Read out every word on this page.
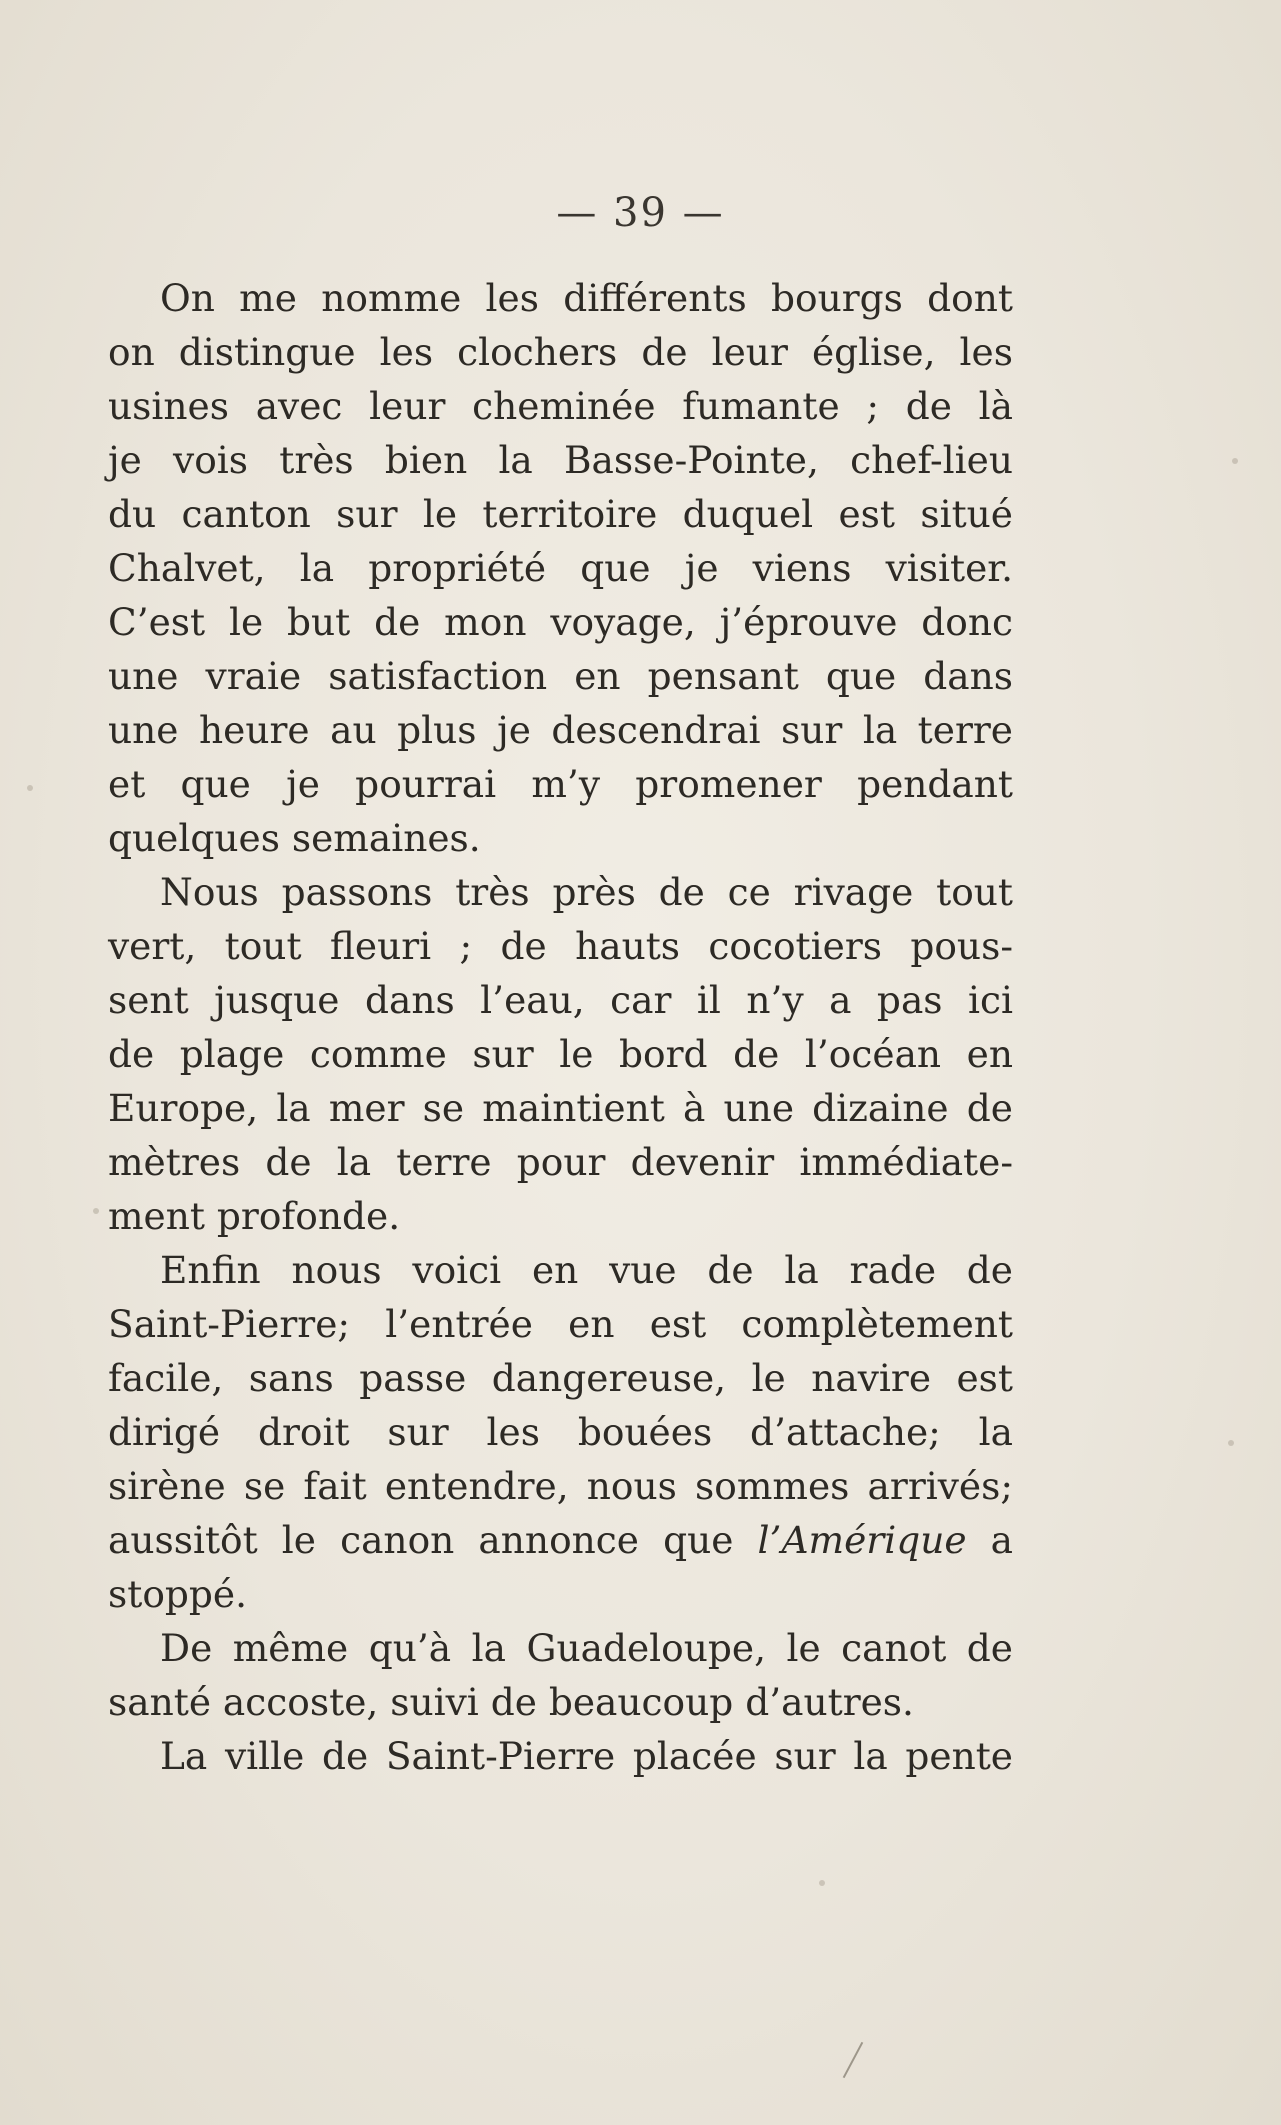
— 39 —
On me nomme les différents bourgs dont
on distingue les clochers de leur église, les
usines avec leur cheminée fumante ; de là
je vois très bien la Basse-Pointe, chef-lieu
du canton sur le territoire duquel est situé
Chalvet, la propriété que je viens visiter.
C’est le but de mon voyage, j’éprouve donc
une vraie satisfaction en pensant que dans
une heure au plus je descendrai sur la terre
et que je pourrai m’y promener pendant
quelques semaines.
Nous passons très près de ce rivage tout
vert, tout fleuri ; de hauts cocotiers pous-
sent jusque dans l’eau, car il n’y a pas ici
de plage comme sur le bord de l’océan en
Europe, la mer se maintient à une dizaine de
mètres de la terre pour devenir immédiate-
ment profonde.
Enfin nous voici en vue de la rade de
Saint-Pierre; l’entrée en est complètement
facile, sans passe dangereuse, le navire est
dirigé droit sur les bouées d’attache; la
sirène se fait entendre, nous sommes arrivés;
aussitôt le canon annonce que l’Amérique a
stoppé.
De même qu’à la Guadeloupe, le canot de
santé accoste, suivi de beaucoup d’autres.
La ville de Saint-Pierre placée sur la pente
